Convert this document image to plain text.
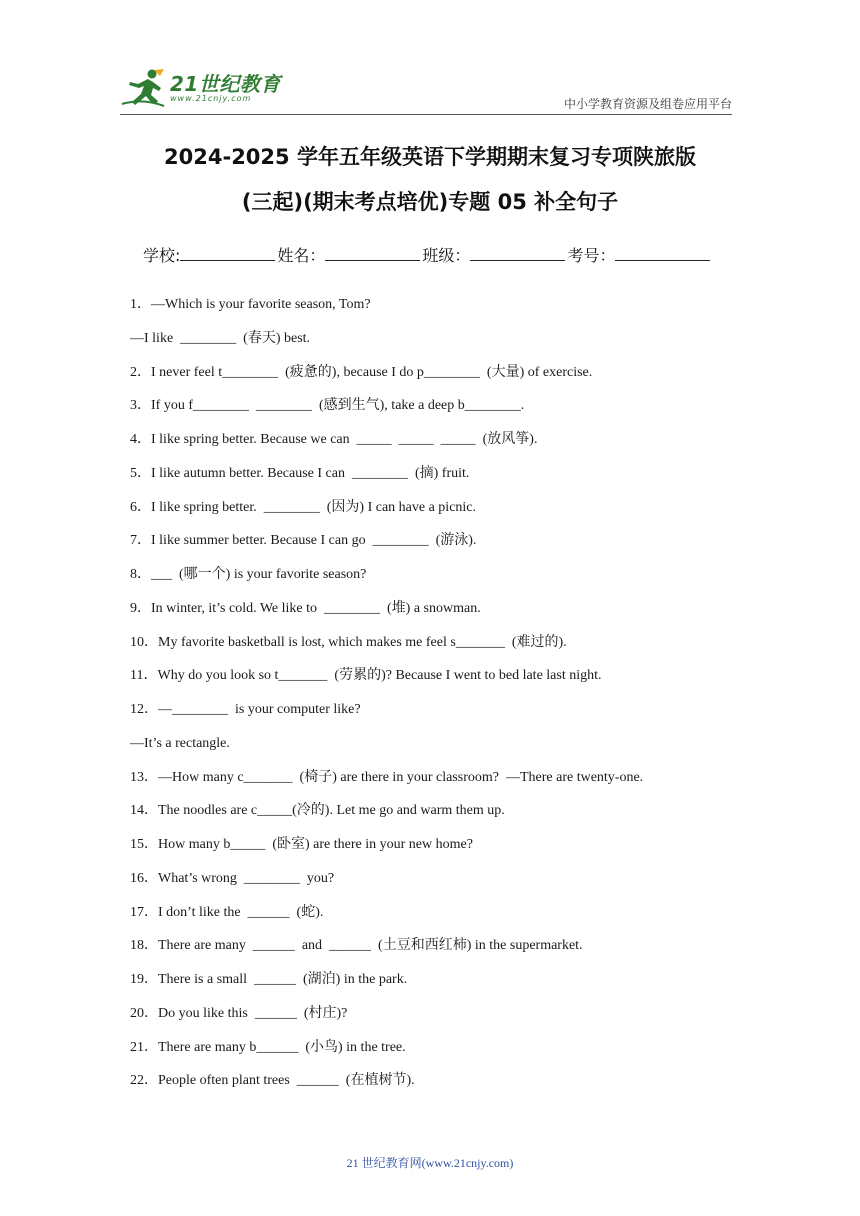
21世纪教育
www.21cnjy.com	中小学教育资源及组卷应用平台
2024-2025 学年五年级英语下学期期末复习专项陕旅版
(三起)(期末考点培优)专题 05 补全句子
学校:	姓名：	班级：	考号：
1．—Which is your favorite season, Tom?
—I like  ________  (春天) best.
2．I never feel t________  (疲惫的), because I do p________  (大量) of exercise.
3．If you f________  ________  (感到生气), take a deep b________.
4．I like spring better. Because we can  _____  _____  _____  (放风筝).
5．I like autumn better. Because I can  ________  (摘) fruit.
6．I like spring better.  ________  (因为) I can have a picnic.
7．I like summer better. Because I can go  ________  (游泳).
8．___  (哪一个) is your favorite season?
9．In winter, it’s cold. We like to  ________  (堆) a snowman.
10．My favorite basketball is lost, which makes me feel s_______  (难过的).
11．Why do you look so t_______  (劳累的)? Because I went to bed late last night.
12．—________  is your computer like?
—It’s a rectangle.
13．—How many c_______  (椅子) are there in your classroom?  —There are twenty-one.
14．The noodles are c_____(冷的). Let me go and warm them up.
15．How many b_____  (卧室) are there in your new home?
16．What’s wrong  ________  you?
17．I don’t like the  ______  (蛇).
18．There are many  ______  and  ______  (土豆和西红柿) in the supermarket.
19．There is a small  ______  (湖泊) in the park.
20．Do you like this  ______  (村庄)?
21．There are many b______  (小鸟) in the tree.
22．People often plant trees  ______  (在植树节).
21 世纪教育网(www.21cnjy.com)
